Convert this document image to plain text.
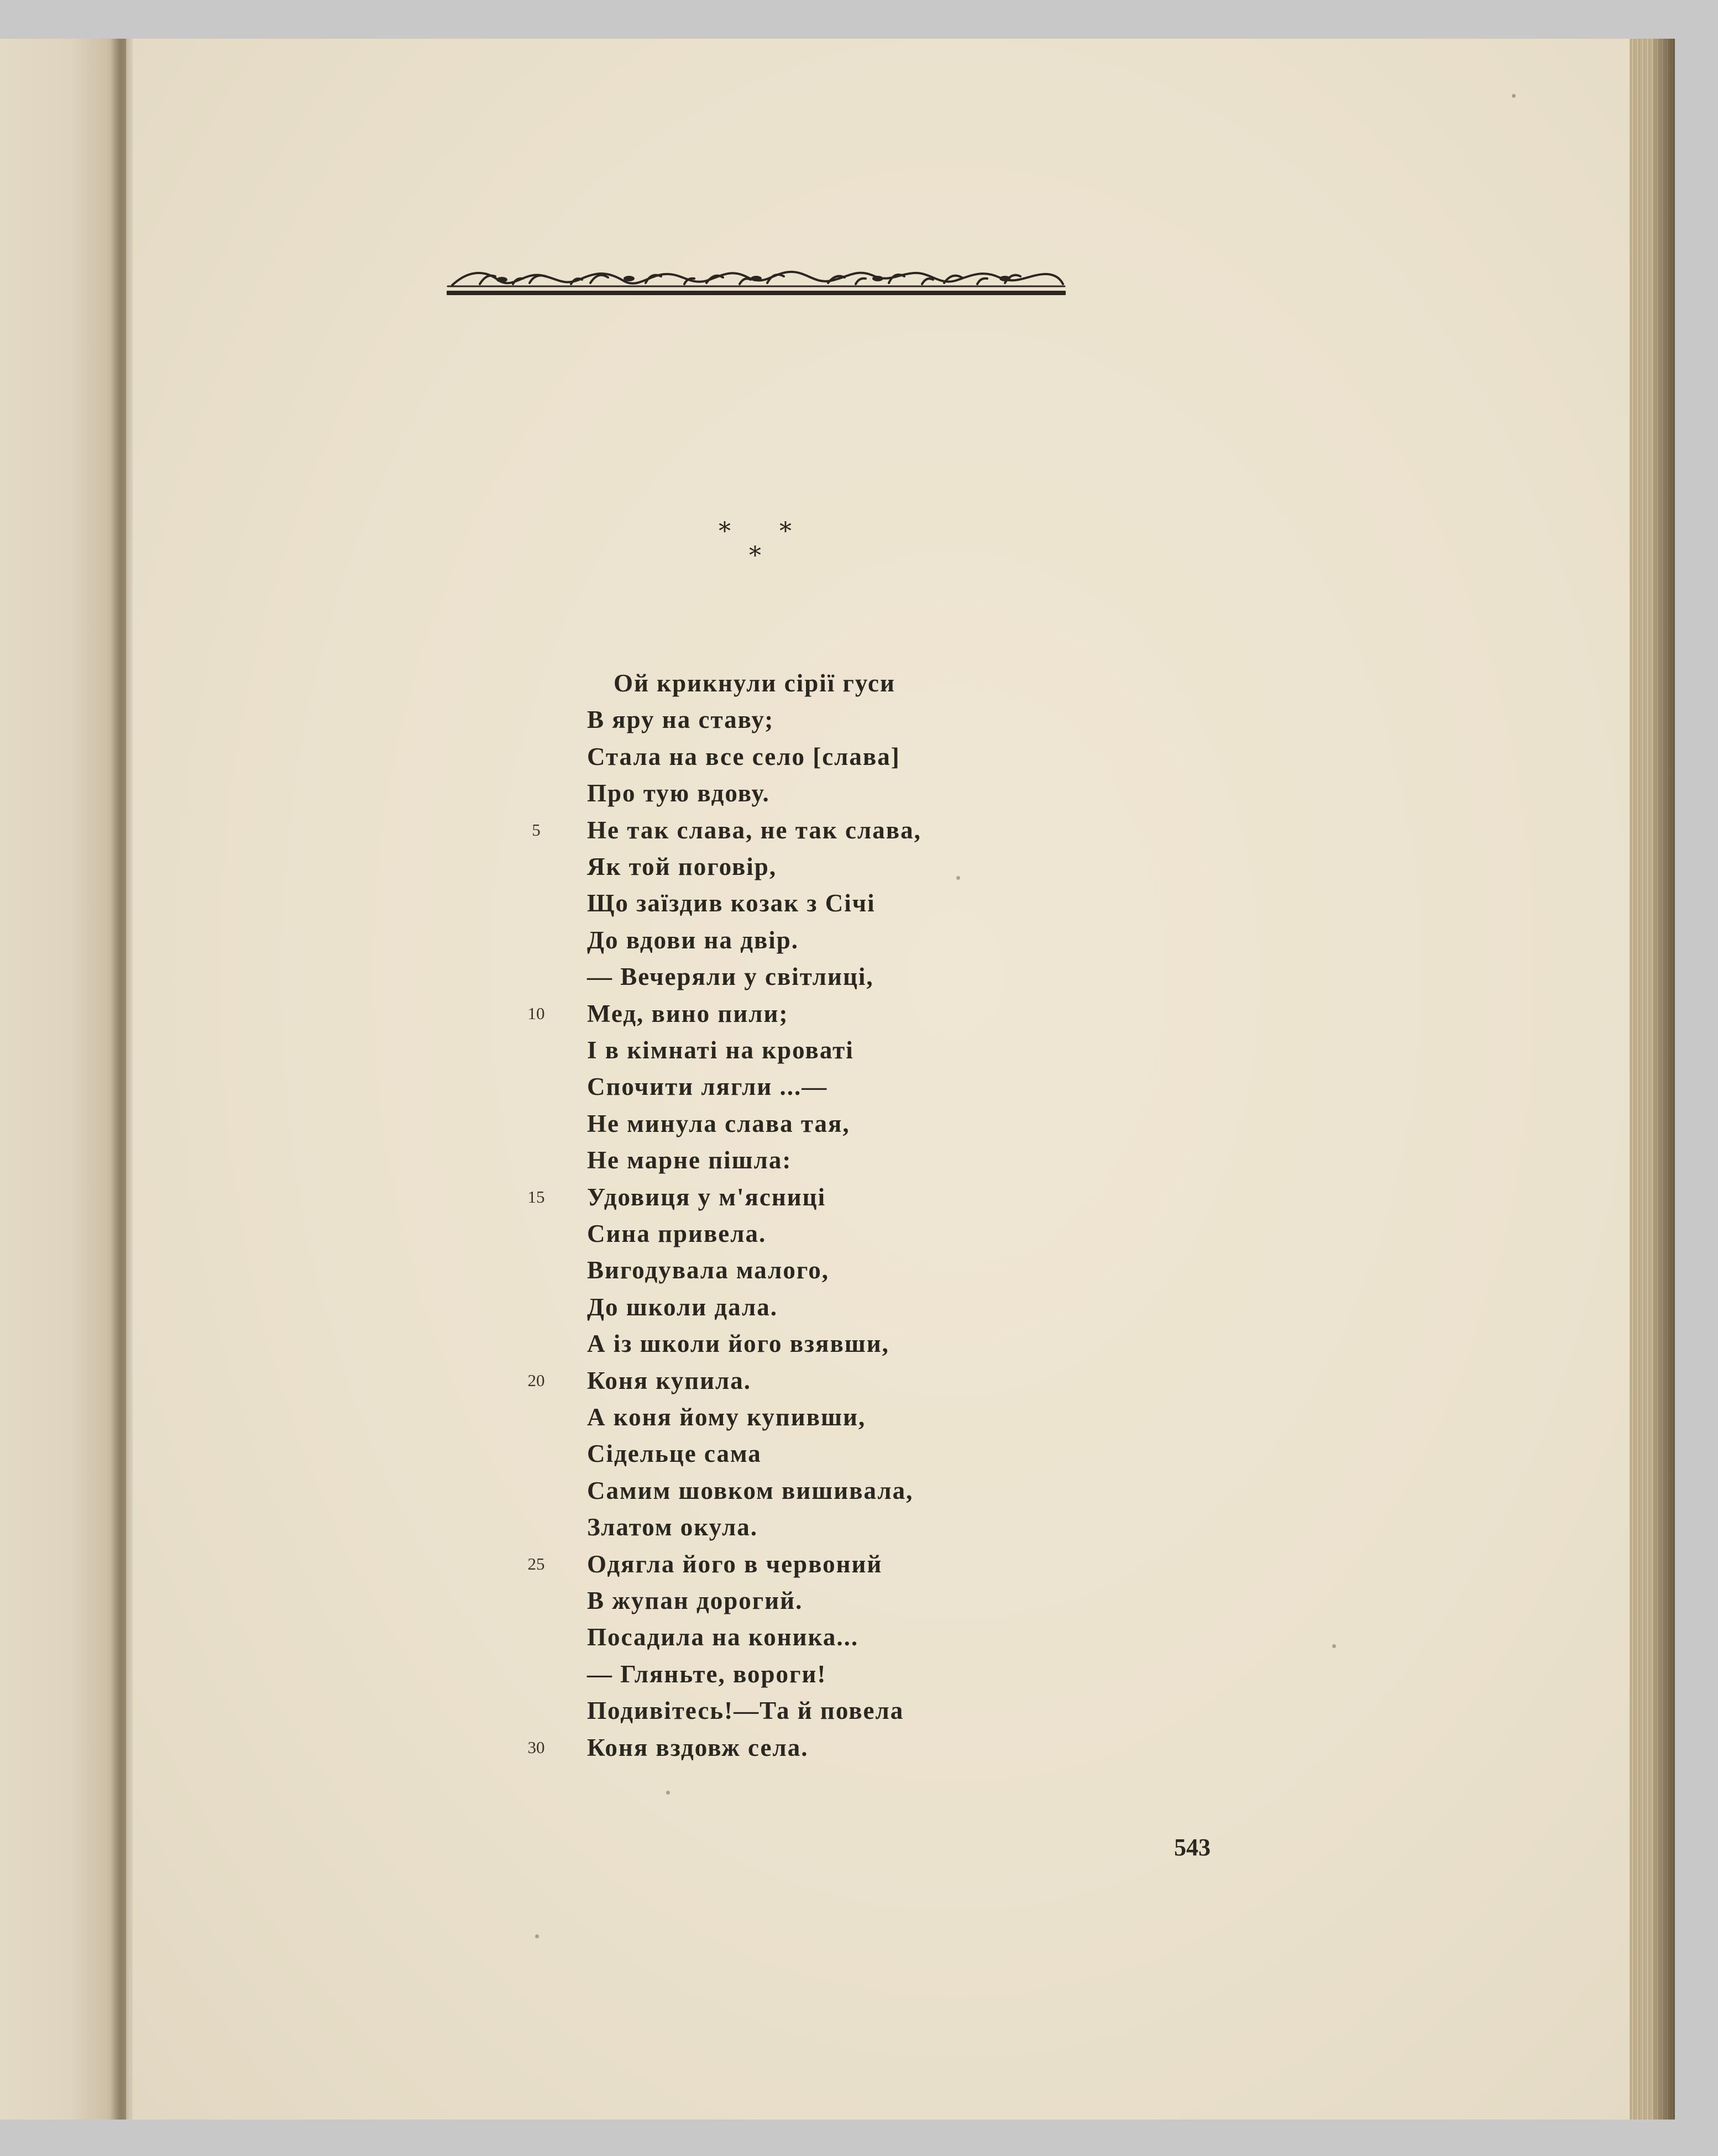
* *
*
Ой крикнули сірії гуси
В яру на ставу;
Стала на все село [слава]
Про тую вдову.
5	Не так слава, не так слава,
Як той поговір,
Що заїздив козак з Січі
До вдови на двір.
— Вечеряли у світлиці,
10	Мед, вино пили;
І в кімнаті на кроваті
Спочити лягли ...—
Не минула слава тая,
Не марне пішла:
15	Удовиця у м'ясниці
Сина привела.
Вигодувала малого,
До школи дала.
А із школи його взявши,
20	Коня купила.
А коня йому купивши,
Сідельце сама
Самим шовком вишивала,
Златом окула.
25	Одягла його в червоний
В жупан дорогий.
Посадила на коника...
— Гляньте, вороги!
Подивітесь!—Та й повела
30	Коня вздовж села.
543
